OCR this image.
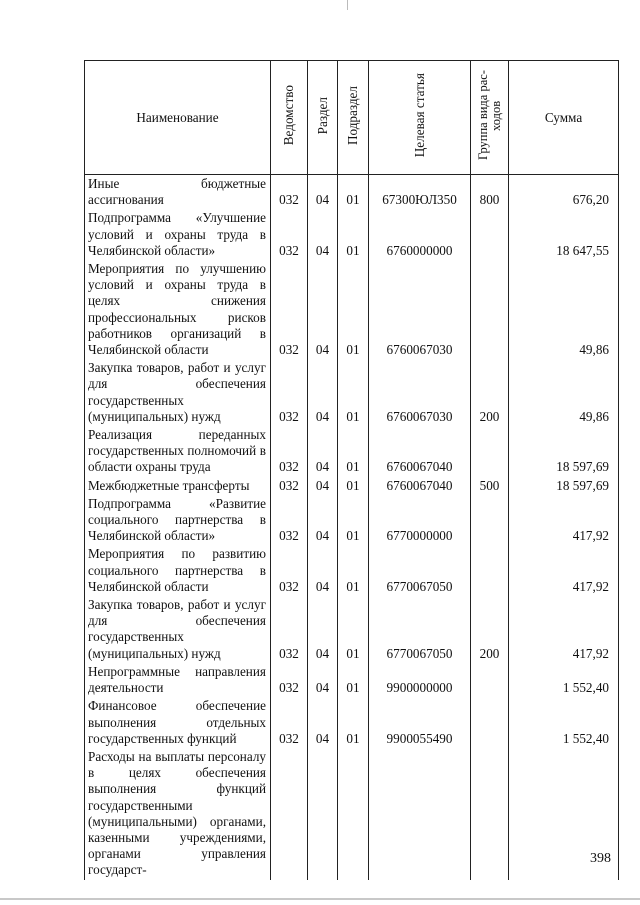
Наименование	Ведомство	Раздел	Подраздел	Целевая статья	Группа вида рас-ходов	Сумма
Иные бюджетные ассигнования	032	04	01	67300ЮЛ350	800	676,20
Подпрограмма «Улучшение условий и охраны труда в Челябинской области»	032	04	01	6760000000		18 647,55
Мероприятия по улучшению условий и охраны труда в целях снижения профессиональных рисков работников организаций в Челябинской области	032	04	01	6760067030		49,86
Закупка товаров, работ и услуг для обеспечения государственных (муниципальных) нужд	032	04	01	6760067030	200	49,86
Реализация переданных государственных полномочий в области охраны труда	032	04	01	6760067040		18 597,69
Межбюджетные трансферты	032	04	01	6760067040	500	18 597,69
Подпрограмма «Развитие социального партнерства в Челябинской области»	032	04	01	6770000000		417,92
Мероприятия по развитию социального партнерства в Челябинской области	032	04	01	6770067050		417,92
Закупка товаров, работ и услуг для обеспечения государственных (муниципальных) нужд	032	04	01	6770067050	200	417,92
Непрограммные направления деятельности	032	04	01	9900000000		1 552,40
Финансовое обеспечение выполнения отдельных государственных функций	032	04	01	9900055490		1 552,40
Расходы на выплаты персоналу в целях обеспечения выполнения функций государственными (муниципальными) органами, казенными учреждениями, органами управления государст-						
398
